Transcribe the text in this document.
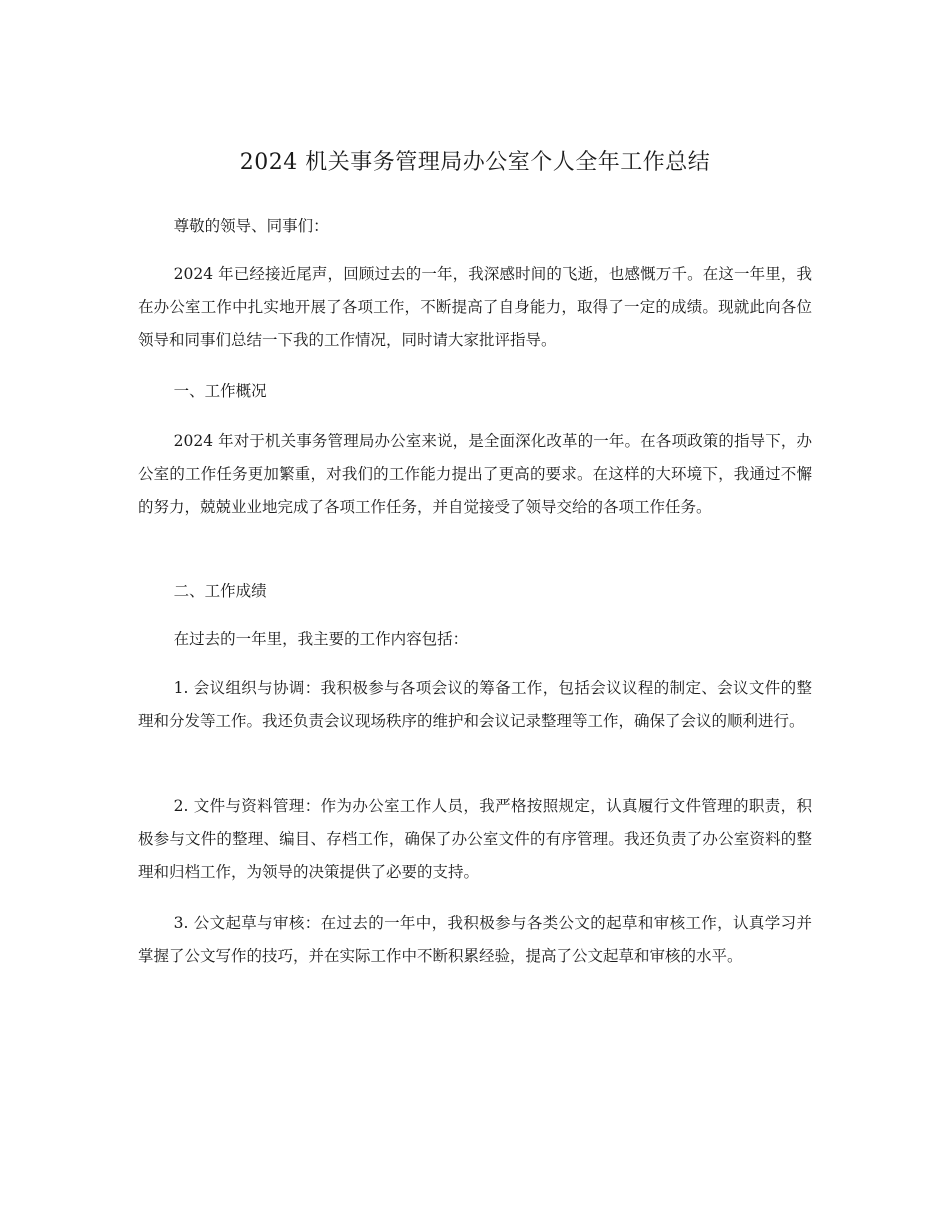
2024 机关事务管理局办公室个人全年工作总结
尊敬的领导、同事们：
2024 年已经接近尾声，回顾过去的一年，我深感时间的飞逝，也感慨万千。在这一年里，我在办公室工作中扎实地开展了各项工作，不断提高了自身能力，取得了一定的成绩。现就此向各位领导和同事们总结一下我的工作情况，同时请大家批评指导。
一、工作概况
2024 年对于机关事务管理局办公室来说，是全面深化改革的一年。在各项政策的指导下，办公室的工作任务更加繁重，对我们的工作能力提出了更高的要求。在这样的大环境下，我通过不懈的努力，兢兢业业地完成了各项工作任务，并自觉接受了领导交给的各项工作任务。
二、工作成绩
在过去的一年里，我主要的工作内容包括：
1. 会议组织与协调：我积极参与各项会议的筹备工作，包括会议议程的制定、会议文件的整理和分发等工作。我还负责会议现场秩序的维护和会议记录整理等工作，确保了会议的顺利进行。
2. 文件与资料管理：作为办公室工作人员，我严格按照规定，认真履行文件管理的职责，积极参与文件的整理、编目、存档工作，确保了办公室文件的有序管理。我还负责了办公室资料的整理和归档工作，为领导的决策提供了必要的支持。
3. 公文起草与审核：在过去的一年中，我积极参与各类公文的起草和审核工作，认真学习并掌握了公文写作的技巧，并在实际工作中不断积累经验，提高了公文起草和审核的水平。
